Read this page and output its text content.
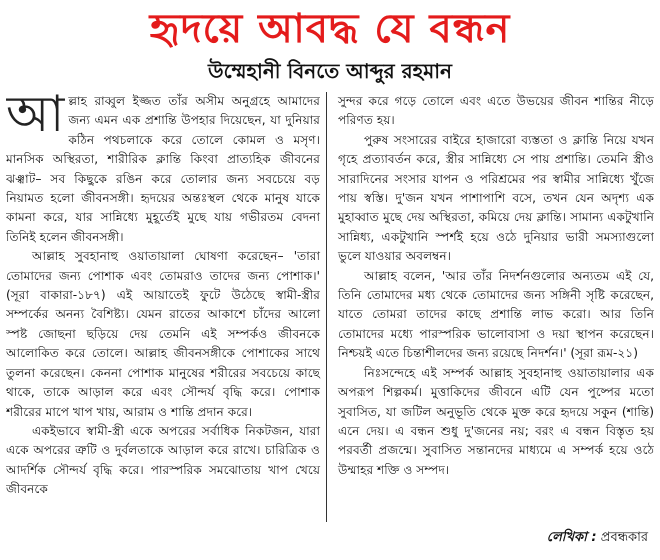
হৃদয়ে আবদ্ধ যে বন্ধন
উম্মেহানী বিনতে আব্দুর রহমান

আ ল্লাহ রাব্বুল ইজ্জত তাঁর অসীম অনুগ্রহে আমাদের জন্য এমন এক প্রশান্তি উপহার দিয়েছেন, যা দুনিয়ার কঠিন পথচলাকে করে তোলে কোমল ও মসৃণ। মানসিক অস্থিরতা, শারীরিক ক্লান্তি কিংবা প্রাত্যহিক জীবনের ঝঞ্ঝাট– সব কিছুকে রঙিন করে তোলার জন্য সবচেয়ে বড় নিয়ামত হলো জীবনসঙ্গী। হৃদয়ের অন্তঃস্থল থেকে মানুষ যাকে কামনা করে, যার সান্নিধ্যে মুহূর্তেই মুছে যায় গভীরতম বেদনা তিনিই হলেন জীবনসঙ্গী।

আল্লাহ সুবহানাহু ওয়াতায়ালা ঘোষণা করেছেন– 'তারা তোমাদের জন্য পোশাক এবং তোমরাও তাদের জন্য পোশাক।' (সূরা বাকারা-১৮৭) এই আয়াতেই ফুটে উঠেছে স্বামী-স্ত্রীর সম্পর্কের অনন্য বৈশিষ্ট্য। যেমন রাতের আকাশে চাঁদের আলো স্পষ্ট জোছনা ছড়িয়ে দেয় তেমনি এই সম্পর্কও জীবনকে আলোকিত করে তোলে। আল্লাহ জীবনসঙ্গীকে পোশাকের সাথে তুলনা করেছেন। কেননা পোশাক মানুষের শরীরের সবচেয়ে কাছে থাকে, তাকে আড়াল করে এবং সৌন্দর্য বৃদ্ধি করে। পোশাক শরীরের মাপে খাপ খায়, আরাম ও শান্তি প্রদান করে।

একইভাবে স্বামী-স্ত্রী একে অপরের সর্বাধিক নিকটজন, যারা একে অপরের ত্রুটি ও দুর্বলতাকে আড়াল করে রাখে। চারিত্রিক ও আদর্শিক সৌন্দর্য বৃদ্ধি করে। পারস্পরিক সমঝোতায় খাপ খেয়ে জীবনকে

সুন্দর করে গড়ে তোলে এবং এতে উভয়ের জীবন শান্তির নীড়ে পরিণত হয়।

পুরুষ সংসারের বাইরে হাজারো ব্যস্ততা ও ক্লান্তি নিয়ে যখন গৃহে প্রত্যাবর্তন করে, স্ত্রীর সান্নিধ্যে সে পায় প্রশান্তি। তেমনি স্ত্রীও সারাদিনের সংসার যাপন ও পরিশ্রমের পর স্বামীর সান্নিধ্যে খুঁজে পায় স্বস্তি। দু'জন যখন পাশাপাশি বসে, তখন যেন অদৃশ্য এক মুহাব্বাত মুছে দেয় অস্থিরতা, কমিয়ে দেয় ক্লান্তি। সামান্য একটুখানি সান্নিধ্য, একটুখানি স্পর্শই হয়ে ওঠে দুনিয়ার ভারী সমস্যাগুলো ভুলে যাওয়ার অবলম্বন।

আল্লাহ বলেন, 'আর তাঁর নিদর্শনগুলোর অন্যতম এই যে, তিনি তোমাদের মধ্য থেকে তোমাদের জন্য সঙ্গিনী সৃষ্টি করেছেন, যাতে তোমরা তাদের কাছে প্রশান্তি লাভ করো। আর তিনি তোমাদের মধ্যে পারস্পরিক ভালোবাসা ও দয়া স্থাপন করেছেন। নিশ্চয়ই এতে চিন্তাশীলদের জন্য রয়েছে নিদর্শন।' (সূরা রূম-২১)

নিঃসন্দেহে এই সম্পর্ক আল্লাহ সুবহানাহু ওয়াতায়ালার এক অপরূপ শিল্পকর্ম। মুত্তাকিদের জীবনে এটি যেন পুষ্পের মতো সুবাসিত, যা জটিল অনুভূতি থেকে মুক্ত করে হৃদয়ে সকুন (শান্তি) এনে দেয়। এ বন্ধন শুধু দু'জনের নয়; বরং এ বন্ধন বিস্তৃত হয় পরবর্তী প্রজন্মে। সুবাসিত সন্তানদের মাধ্যমে এ সম্পর্ক হয়ে ওঠে উম্মাহর শক্তি ও সম্পদ।

লেখিকা : প্রবন্ধকার
